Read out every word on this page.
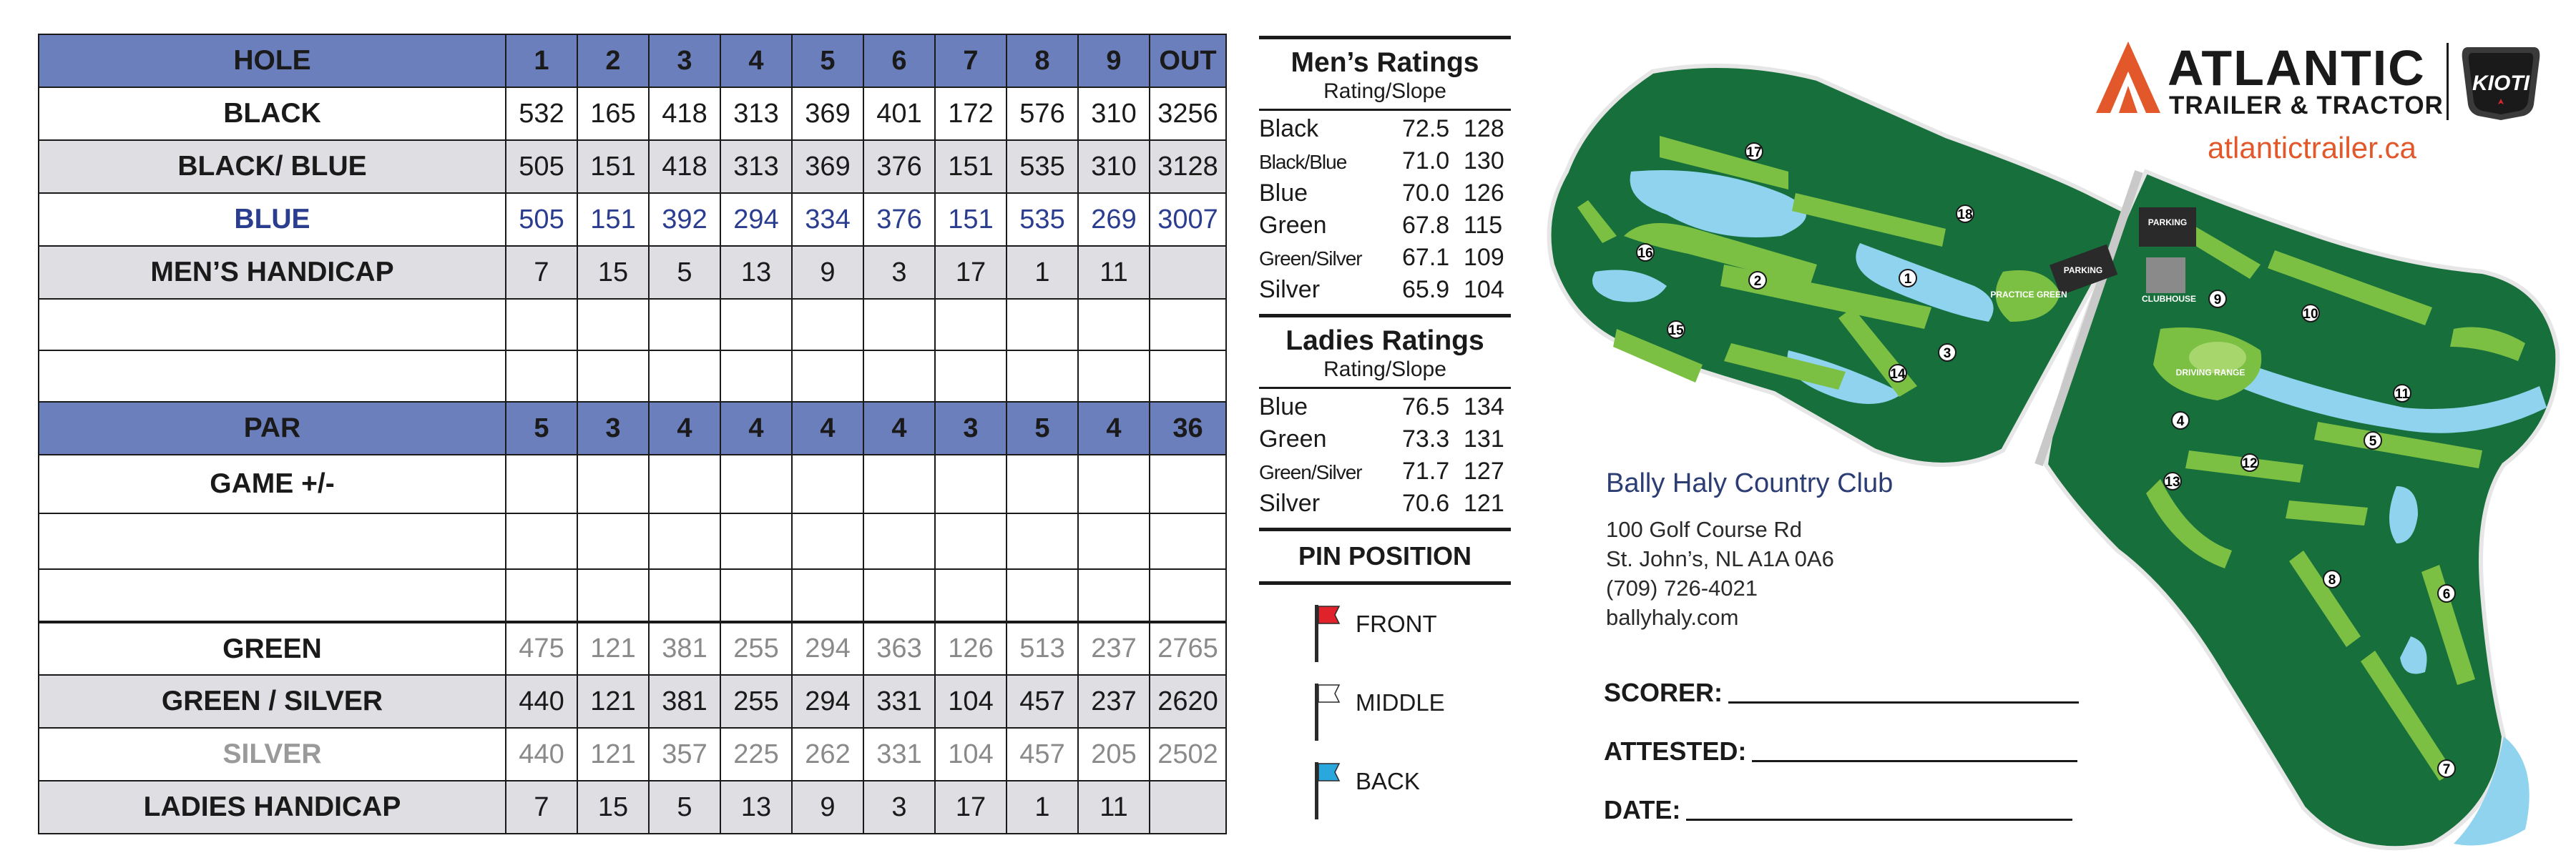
HOLE	1	2	3	4	5	6	7	8	9	OUT
BLACK	532	165	418	313	369	401	172	576	310	3256
BLACK/ BLUE	505	151	418	313	369	376	151	535	310	3128
BLUE	505	151	392	294	334	376	151	535	269	3007
MEN’S HANDICAP	7	15	5	13	9	3	17	1	11	

PAR	5	3	4	4	4	4	3	5	4	36
GAME +/-										

GREEN	475	121	381	255	294	363	126	513	237	2765
GREEN / SILVER	440	121	381	255	294	331	104	457	237	2620
SILVER	440	121	357	225	262	331	104	457	205	2502
LADIES HANDICAP	7	15	5	13	9	3	17	1	11	
Men’s Ratings
Rating/Slope
Black	72.5 128
Black/Blue	71.0 130
Blue	70.0 126
Green	67.8 115
Green/Silver	67.1 109
Silver	65.9 104
Ladies Ratings
Rating/Slope
Blue	76.5 134
Green	73.3 131
Green/Silver	71.7 127
Silver	70.6 121
PIN POSITION
FRONT
MIDDLE
BACK
Bally Haly Country Club
100 Golf Course Rd
St. John’s, NL A1A 0A6
(709) 726-4021
ballyhaly.com
SCORER:
ATTESTED:
DATE:
ATLANTIC
TRAILER & TRACTOR
atlantictrailer.ca
KIOTI
PARKING
PARKING
CLUBHOUSE
PRACTICE GREEN
DRIVING RANGE
1
2
3
4
5
6
7
8
9
10
11
12
13
14
15
16
17
18
